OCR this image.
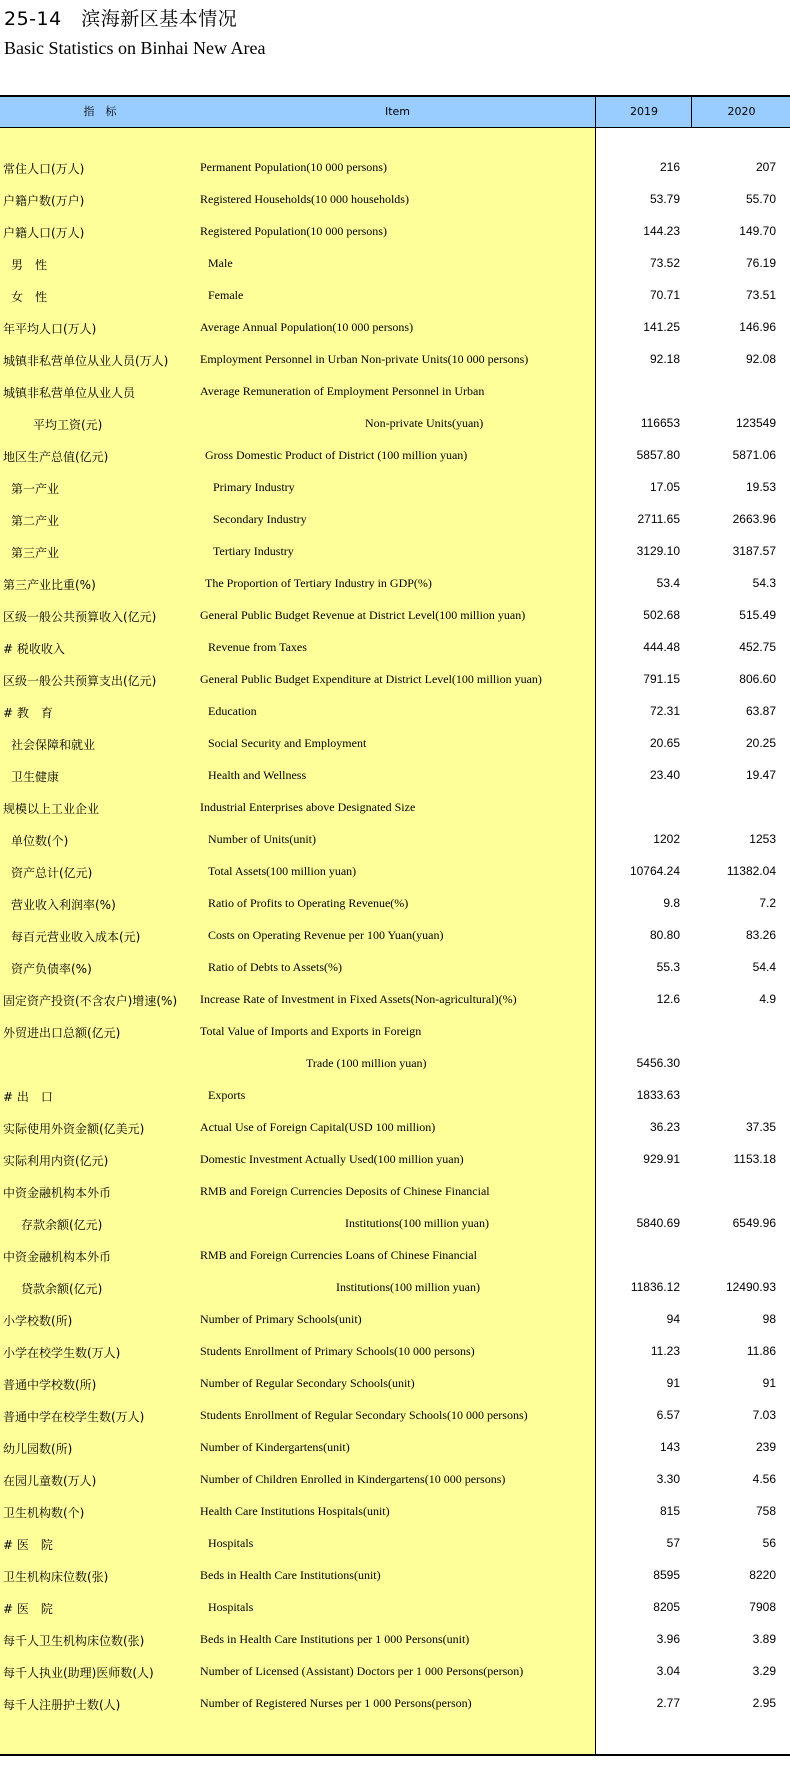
25-14　滨海新区基本情况
Basic Statistics on Binhai New Area
指　标	Item	2019	2020
常住人口(万人)	Permanent Population(10 000 persons)	216	207
户籍户数(万户)	Registered Households(10 000 households)	53.79	55.70
户籍人口(万人)	Registered Population(10 000 persons)	144.23	149.70
男　性	Male	73.52	76.19
女　性	Female	70.71	73.51
年平均人口(万人)	Average Annual Population(10 000 persons)	141.25	146.96
城镇非私营单位从业人员(万人)	Employment Personnel in Urban Non-private Units(10 000 persons)	92.18	92.08
城镇非私营单位从业人员	Average Remuneration of Employment Personnel in Urban
平均工资(元)	Non-private Units(yuan)	116653	123549
地区生产总值(亿元)	Gross Domestic Product of District (100 million yuan)	5857.80	5871.06
第一产业	Primary Industry	17.05	19.53
第二产业	Secondary Industry	2711.65	2663.96
第三产业	Tertiary Industry	3129.10	3187.57
第三产业比重(%)	The Proportion of Tertiary Industry in GDP(%)	53.4	54.3
区级一般公共预算收入(亿元)	General Public Budget Revenue at District Level(100 million yuan)	502.68	515.49
# 税收收入	Revenue from Taxes	444.48	452.75
区级一般公共预算支出(亿元)	General Public Budget Expenditure at District Level(100 million yuan)	791.15	806.60
# 教　育	Education	72.31	63.87
社会保障和就业	Social Security and Employment	20.65	20.25
卫生健康	Health and Wellness	23.40	19.47
规模以上工业企业	Industrial Enterprises above Designated Size
单位数(个)	Number of Units(unit)	1202	1253
资产总计(亿元)	Total Assets(100 million yuan)	10764.24	11382.04
营业收入利润率(%)	Ratio of Profits to Operating Revenue(%)	9.8	7.2
每百元营业收入成本(元)	Costs on Operating Revenue per 100 Yuan(yuan)	80.80	83.26
资产负债率(%)	Ratio of Debts to Assets(%)	55.3	54.4
固定资产投资(不含农户)增速(%) Increase Rate of Investment in Fixed Assets(Non-agricultural)(%)	12.6	4.9
外贸进出口总额(亿元)	Total Value of Imports and Exports in Foreign
Trade (100 million yuan)	5456.30
# 出　口	Exports	1833.63
实际使用外资金额(亿美元)	Actual Use of Foreign Capital(USD 100 million)	36.23	37.35
实际利用内资(亿元)	Domestic Investment Actually Used(100 million yuan)	929.91	1153.18
中资金融机构本外币	RMB and Foreign Currencies Deposits of Chinese Financial
存款余额(亿元)	Institutions(100 million yuan)	5840.69	6549.96
中资金融机构本外币	RMB and Foreign Currencies Loans of Chinese Financial
贷款余额(亿元)	Institutions(100 million yuan)	11836.12	12490.93
小学校数(所)	Number of Primary Schools(unit)	94	98
小学在校学生数(万人)	Students Enrollment of Primary Schools(10 000 persons)	11.23	11.86
普通中学校数(所)	Number of Regular Secondary Schools(unit)	91	91
普通中学在校学生数(万人)	Students Enrollment of Regular Secondary Schools(10 000 persons)	6.57	7.03
幼儿园数(所)	Number of Kindergartens(unit)	143	239
在园儿童数(万人)	Number of Children Enrolled in Kindergartens(10 000 persons)	3.30	4.56
卫生机构数(个)	Health Care Institutions Hospitals(unit)	815	758
# 医　院	Hospitals	57	56
卫生机构床位数(张)	Beds in Health Care Institutions(unit)	8595	8220
# 医　院	Hospitals	8205	7908
每千人卫生机构床位数(张)	Beds in Health Care Institutions per 1 000 Persons(unit)	3.96	3.89
每千人执业(助理)医师数(人)	Number of Licensed (Assistant) Doctors per 1 000 Persons(person)	3.04	3.29
每千人注册护士数(人)	Number of Registered Nurses per 1 000 Persons(person)	2.77	2.95
